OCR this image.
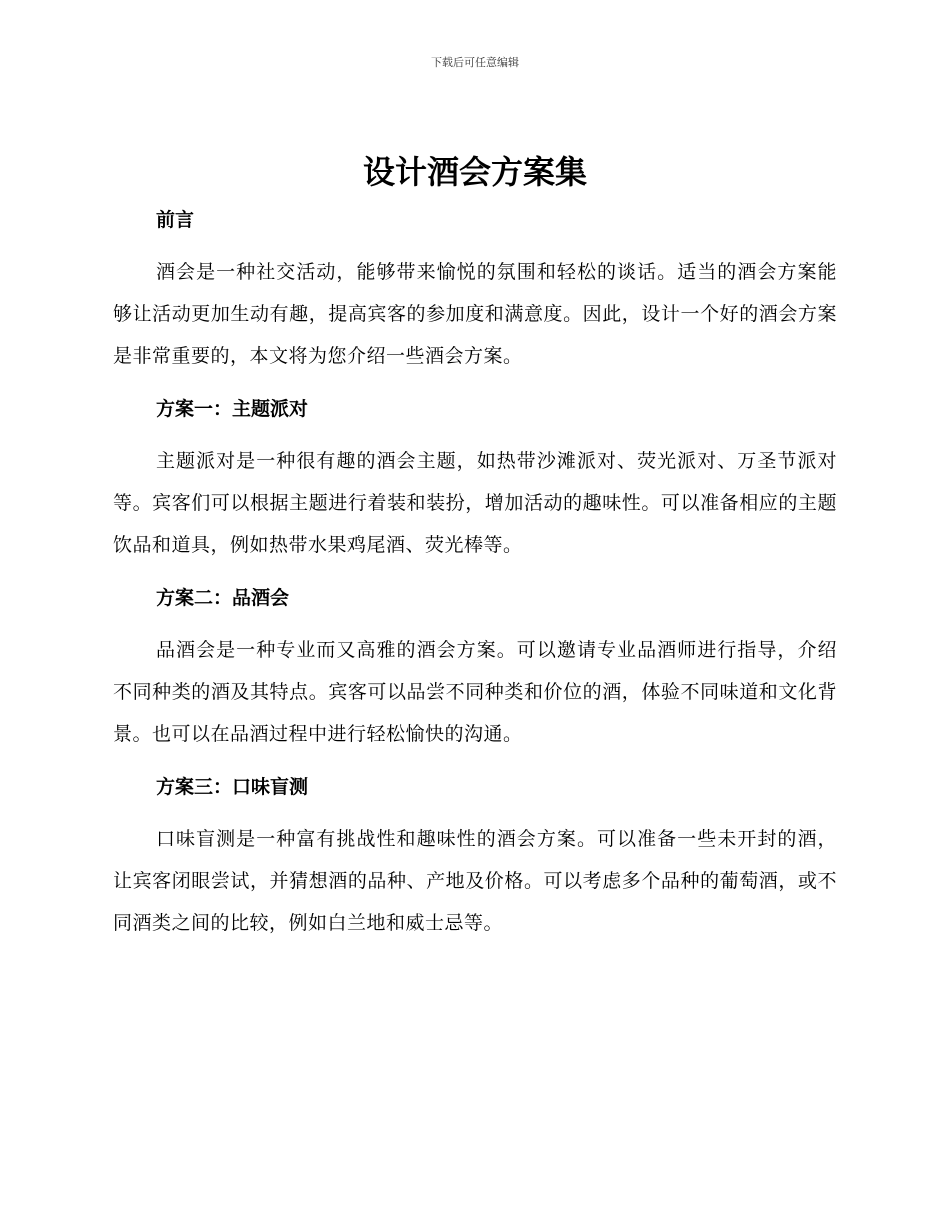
下载后可任意编辑
设计酒会方案集
前言

酒会是一种社交活动，能够带来愉悦的氛围和轻松的谈话。适当的酒会方案能够让活动更加生动有趣，提高宾客的参加度和满意度。因此，设计一个好的酒会方案是非常重要的，本文将为您介绍一些酒会方案。

方案一：主题派对

主题派对是一种很有趣的酒会主题，如热带沙滩派对、荧光派对、万圣节派对等。宾客们可以根据主题进行着装和装扮，增加活动的趣味性。可以准备相应的主题饮品和道具，例如热带水果鸡尾酒、荧光棒等。

方案二：品酒会

品酒会是一种专业而又高雅的酒会方案。可以邀请专业品酒师进行指导，介绍不同种类的酒及其特点。宾客可以品尝不同种类和价位的酒，体验不同味道和文化背景。也可以在品酒过程中进行轻松愉快的沟通。

方案三：口味盲测

口味盲测是一种富有挑战性和趣味性的酒会方案。可以准备一些未开封的酒，让宾客闭眼尝试，并猜想酒的品种、产地及价格。可以考虑多个品种的葡萄酒，或不同酒类之间的比较，例如白兰地和威士忌等。
